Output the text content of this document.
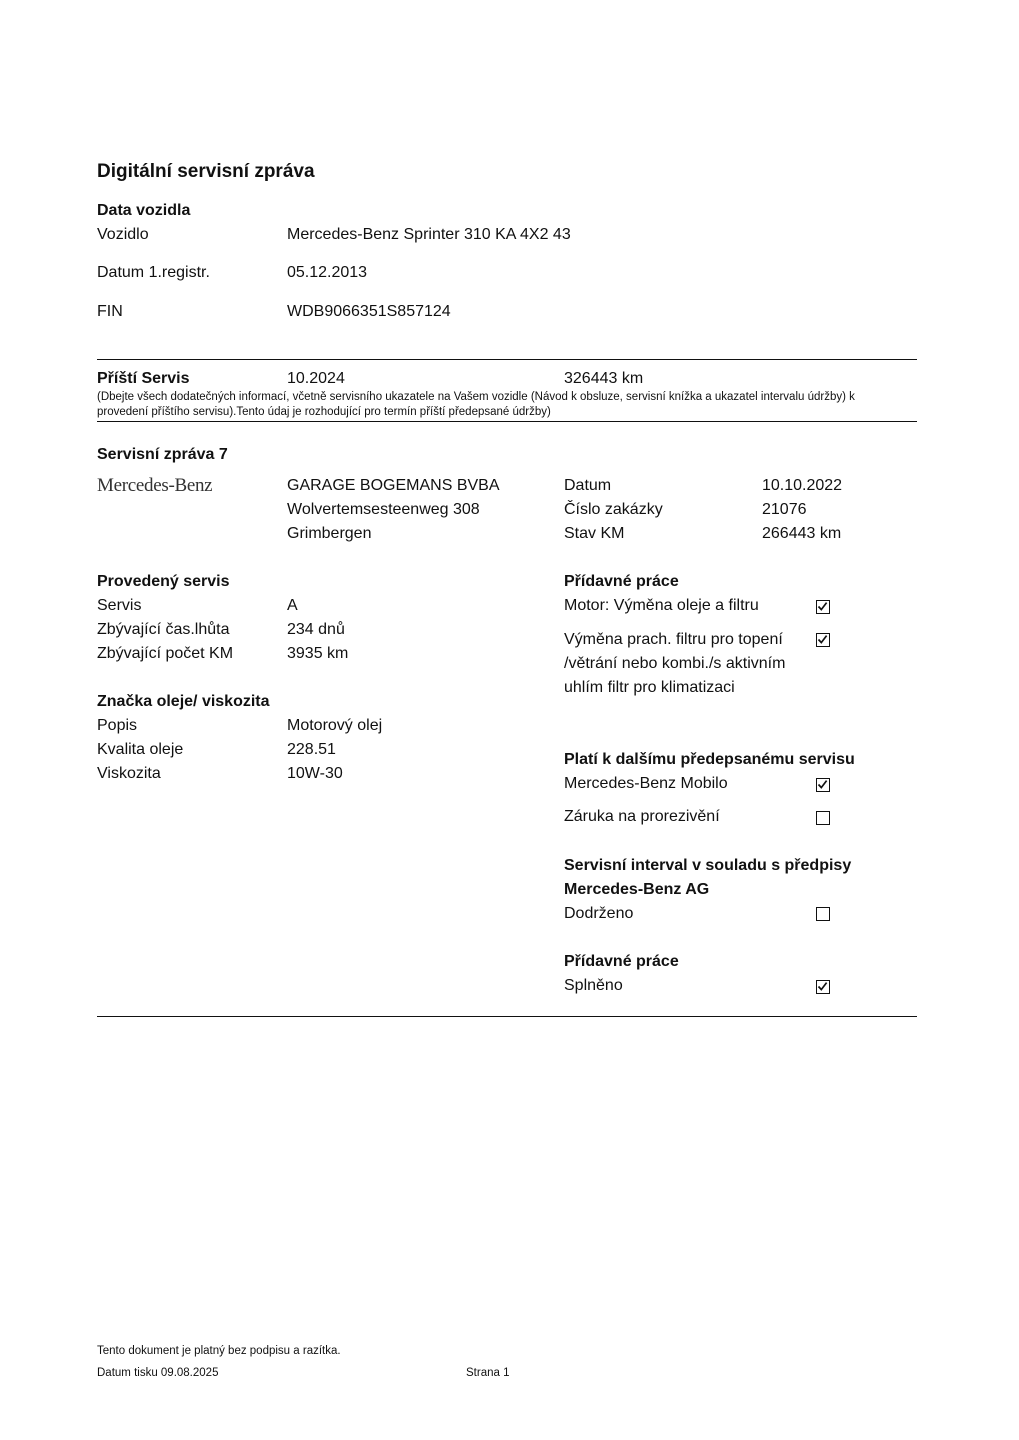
Digitální servisní zpráva
Data vozidla
Vozidlo	Mercedes-Benz Sprinter 310 KA 4X2 43
Datum 1.registr.	05.12.2013
FIN	WDB9066351S857124
Příští Servis	10.2024	326443 km
(Dbejte všech dodatečných informací, včetně servisního ukazatele na Vašem vozidle (Návod k obsluze, servisní knížka a ukazatel intervalu údržby) k provedení příštího servisu).Tento údaj je rozhodující pro termín příští předepsané údržby)
Servisní zpráva 7
Mercedes-Benz	GARAGE BOGEMANS BVBA
Wolvertemsesteenweg 308
Grimbergen
Datum	10.10.2022
Číslo zakázky	21076
Stav KM	266443 km
Provedený servis
Servis	A
Zbývající čas.lhůta	234 dnů
Zbývající počet KM	3935 km
Značka oleje/ viskozita
Popis	Motorový olej
Kvalita oleje	228.51
Viskozita	10W-30
Přídavné práce
Motor: Výměna oleje a filtru
Výměna prach. filtru pro topení /větrání nebo kombi./s aktivním uhlím filtr pro klimatizaci
Platí k dalšímu předepsanému servisu
Mercedes-Benz Mobilo
Záruka na prorezivění
Servisní interval v souladu s předpisy
Mercedes-Benz AG
Dodrženo
Přídavné práce
Splněno
Tento dokument je platný bez podpisu a razítka.
Datum tisku 09.08.2025	Strana 1
